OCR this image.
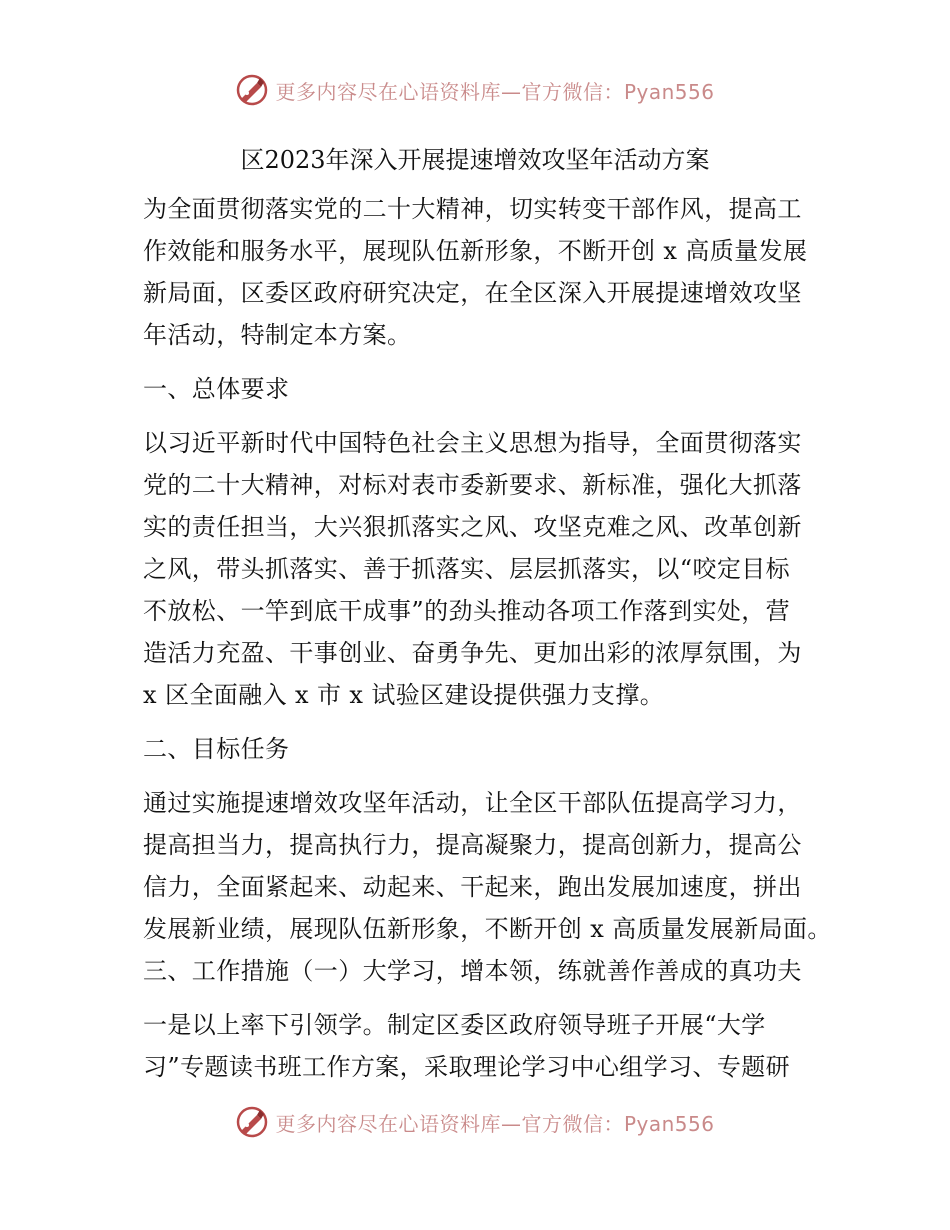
更多内容尽在心语资料库—官方微信：Pyan556
区2023年深入开展提速增效攻坚年活动方案
为全面贯彻落实党的二十大精神，切实转变干部作风，提高工
作效能和服务水平，展现队伍新形象，不断开创 x 高质量发展
新局面，区委区政府研究决定，在全区深入开展提速增效攻坚
年活动，特制定本方案。
一、总体要求
以习近平新时代中国特色社会主义思想为指导，全面贯彻落实
党的二十大精神，对标对表市委新要求、新标准，强化大抓落
实的责任担当，大兴狠抓落实之风、攻坚克难之风、改革创新
之风，带头抓落实、善于抓落实、层层抓落实，以“咬定目标
不放松、一竿到底干成事”的劲头推动各项工作落到实处，营
造活力充盈、干事创业、奋勇争先、更加出彩的浓厚氛围，为
x 区全面融入 x 市 x 试验区建设提供强力支撑。
二、目标任务
通过实施提速增效攻坚年活动，让全区干部队伍提高学习力，
提高担当力，提高执行力，提高凝聚力，提高创新力，提高公
信力，全面紧起来、动起来、干起来，跑出发展加速度，拼出
发展新业绩，展现队伍新形象，不断开创 x 高质量发展新局面。
三、工作措施（一）大学习，增本领，练就善作善成的真功夫
一是以上率下引领学。制定区委区政府领导班子开展“大学
习”专题读书班工作方案，采取理论学习中心组学习、专题研
更多内容尽在心语资料库—官方微信：Pyan556
